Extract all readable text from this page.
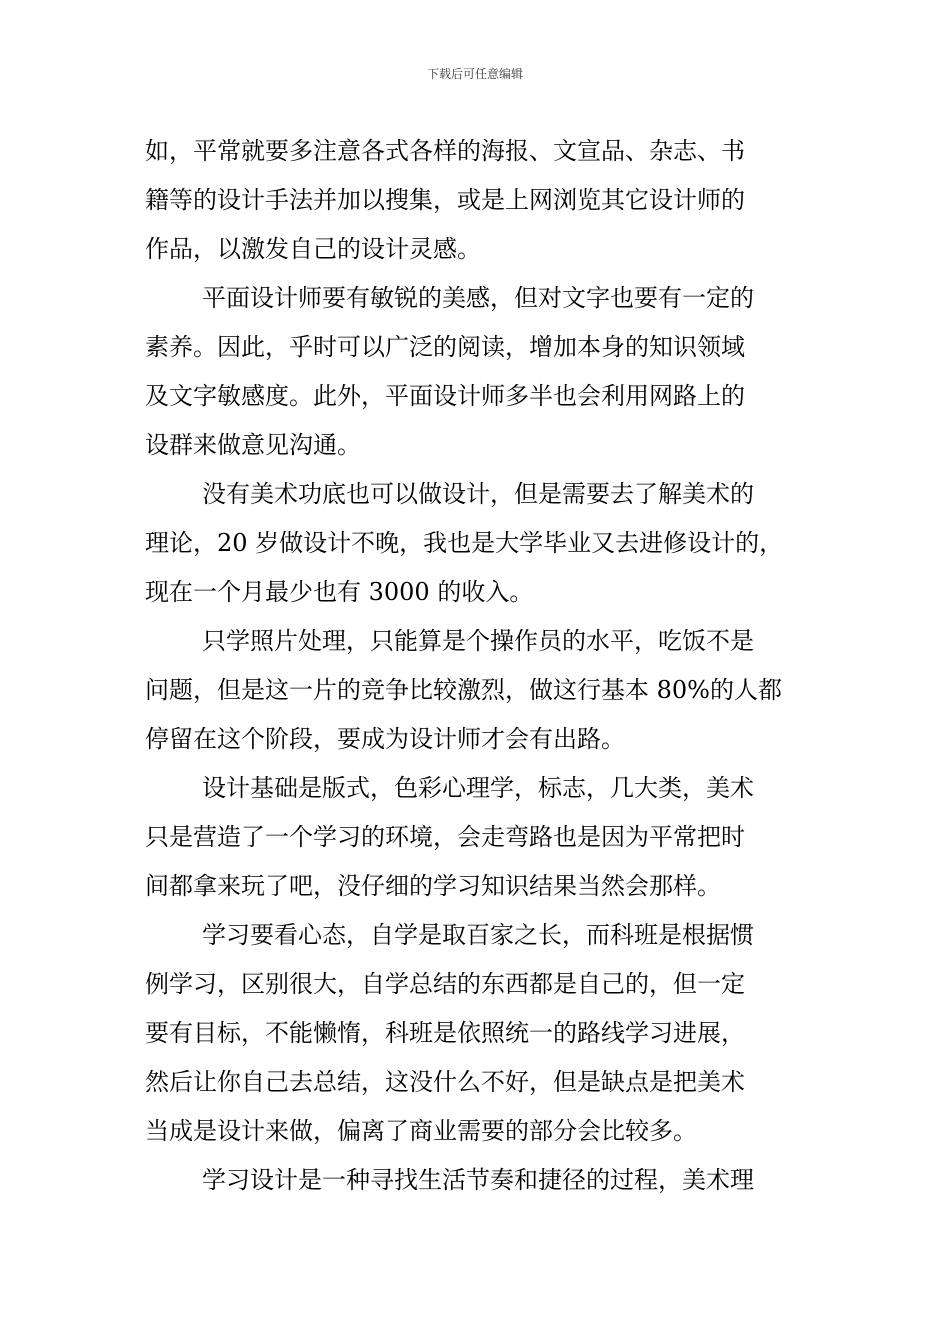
下载后可任意编辑
如，平常就要多注意各式各样的海报、文宣品、杂志、书
籍等的设计手法并加以搜集，或是上网浏览其它设计师的
作品，以激发自己的设计灵感。
平面设计师要有敏锐的美感，但对文字也要有一定的
素养。因此，乎时可以广泛的阅读，增加本身的知识领域
及文字敏感度。此外，平面设计师多半也会利用网路上的
设群来做意见沟通。
没有美术功底也可以做设计，但是需要去了解美术的
理论，20 岁做设计不晚，我也是大学毕业又去进修设计的，
现在一个月最少也有 3000 的收入。
只学照片处理，只能算是个操作员的水平，吃饭不是
问题，但是这一片的竞争比较激烈，做这行基本 80%的人都
停留在这个阶段，要成为设计师才会有出路。
设计基础是版式，色彩心理学，标志，几大类，美术
只是营造了一个学习的环境，会走弯路也是因为平常把时
间都拿来玩了吧，没仔细的学习知识结果当然会那样。
学习要看心态，自学是取百家之长，而科班是根据惯
例学习，区别很大，自学总结的东西都是自己的，但一定
要有目标，不能懒惰，科班是依照统一的路线学习进展，
然后让你自己去总结，这没什么不好，但是缺点是把美术
当成是设计来做，偏离了商业需要的部分会比较多。
学习设计是一种寻找生活节奏和捷径的过程，美术理
